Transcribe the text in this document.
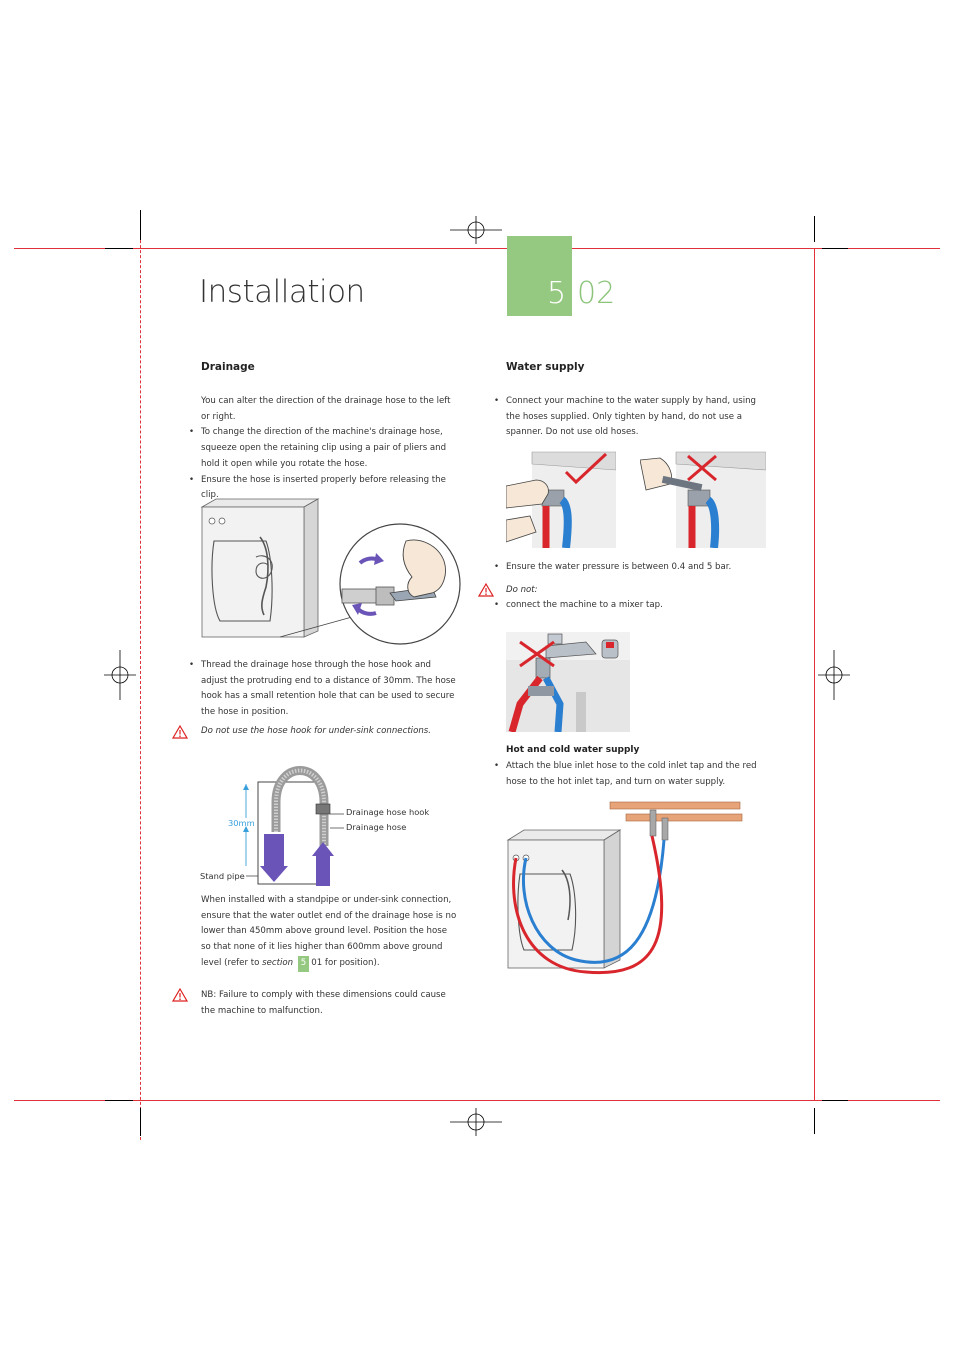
Installation	5 02
Drainage

You can alter the direction of the drainage hose to the left or right.

• To change the direction of the machine's drainage hose, squeeze open the retaining clip using a pair of pliers and hold it open while you rotate the hose.
• Ensure the hose is inserted properly before releasing the clip.
• Thread the drainage hose through the hose hook and adjust the protruding end to a distance of 30mm. The hose hook has a small retention hole that can be used to secure the hose in position.
Do not use the hose hook for under-sink connections.
30mm
Drainage hose hook
Drainage hose
Stand pipe
When installed with a standpipe or under-sink connection, ensure that the water outlet end of the drainage hose is no lower than 450mm above ground level. Position the hose so that none of it lies higher than 600mm above ground level (refer to section 5 01 for position).
NB: Failure to comply with these dimensions could cause the machine to malfunction.
Water supply
• Connect your machine to the water supply by hand, using the hoses supplied. Only tighten by hand, do not use a spanner. Do not use old hoses.
• Ensure the water pressure is between 0.4 and 5 bar.
Do not:
• connect the machine to a mixer tap.
Hot and cold water supply
• Attach the blue inlet hose to the cold inlet tap and the red hose to the hot inlet tap, and turn on water supply.
